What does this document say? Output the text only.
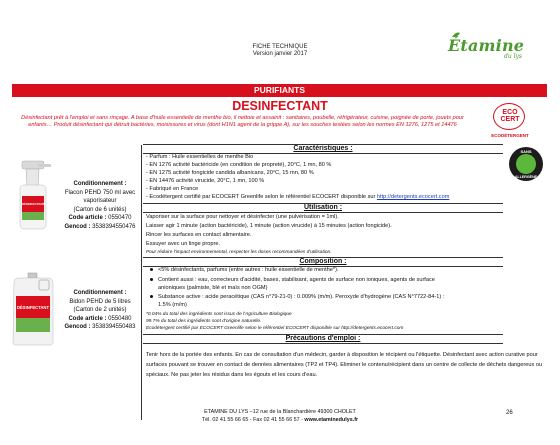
FICHE TECHNIQUE
Version janvier 2017	Étamine
du lys
PURIFIANTS
DESINFECTANT
Désinfectant prêt à l'emploi et sans rinçage. A base d'huile essentielle de menthe bio, il nettoie et assainit : sanitaires, poubelle, réfrigérateur, cuisine, poignée de porte, jouets pour enfants… Produit désinfectant qui détruit bactéries, moisissures et virus (dont H1N1 agent de la grippe A), sur les souches testées selon les normes EN 1276, 1275 et 14476
ECO
CERT
ECODÉTERGENT
SANS
ALLERGÈNE
DÉSINFECTANT
Conditionnement :
Flacon PEHD 750 ml avec
vaporisateur
(Carton de 6 unités)
Code article : 0550470
Gencod : 3538394550476
DÉSINFECTANT
Conditionnement :
Bidon PEHD de 5 litres
(Carton de 2 unités)
Code article : 0550480
Gencod : 3538394550483
Caractéristiques :
- Parfum : Huile essentielles de menthe Bio
- EN 1276 activité bactéricide (en condition de propreté), 20°C, 1 mn, 80 %
- EN 1275 activité fongicide candida albanicans, 20°C, 15 mn, 80 %
- EN 14476 activité virucide, 20°C, 1 mn, 100 %
- Fabriqué en France
- Ecodétergent certifié par ECOCERT Greenlife selon le référentiel ECOCERT disponible sur http://detergents.ecocert.com
Utilisation :
Vaporiser sur la surface pour nettoyer et désinfecter (une pulvérisation = 1ml).
Laisser agir 1 minute (action bactéricide), 1 minute (action virucide) à 15 minutes (action fongicide).
Rincer les surfaces en contact alimentaire.
Essuyer avec un linge propre.
Pour réduire l'impact environnemental, respecter les doses recommandées d'utilisation.
Composition :
<5% désinfectants, parfums (entre autres : huile essentielle de menthe*).
Contient aussi : eau, correcteurs d'acidité, bases, stabilisant, agents de surface non ioniques, agents de surface
anioniques (palmiste, blé et maïs non OGM)
Substance active : acide peracétique (CAS n°79-21-0) : 0.009% (m/m). Peroxyde d'hydrogène (CAS N°7722-84-1) :
1.5% (m/m)
*0.04% du total des ingrédients sont issus de l'Agriculture Biologique
99.7% du total des ingrédients sont d'origine naturelle.
Ecodétergent certifié par ECOCERT Greenlife selon le référentiel ECOCERT disponible sur http://detergents.ecocert.com
Précautions d'emploi :
Tenir hors de la portée des enfants. En cas de consultation d'un médecin, garder à disposition le récipient ou l'étiquette. Désinfectant avec action curative pour surfaces pouvant se trouver en contact de denrées alimentaires (TP2 et TP4). Eliminer le contenu/récipient dans un centre de collecte de déchets dangereux ou spéciaux. Ne pas jeter les résidus dans les égouts et les cours d'eau.
ETAMINE DU LYS –12 rue de la Blanchardière 49300 CHOLET
Tél. 02 41 55 66 65 - Fax 02 41 55 66 57 - www.etaminedulys.fr
26
